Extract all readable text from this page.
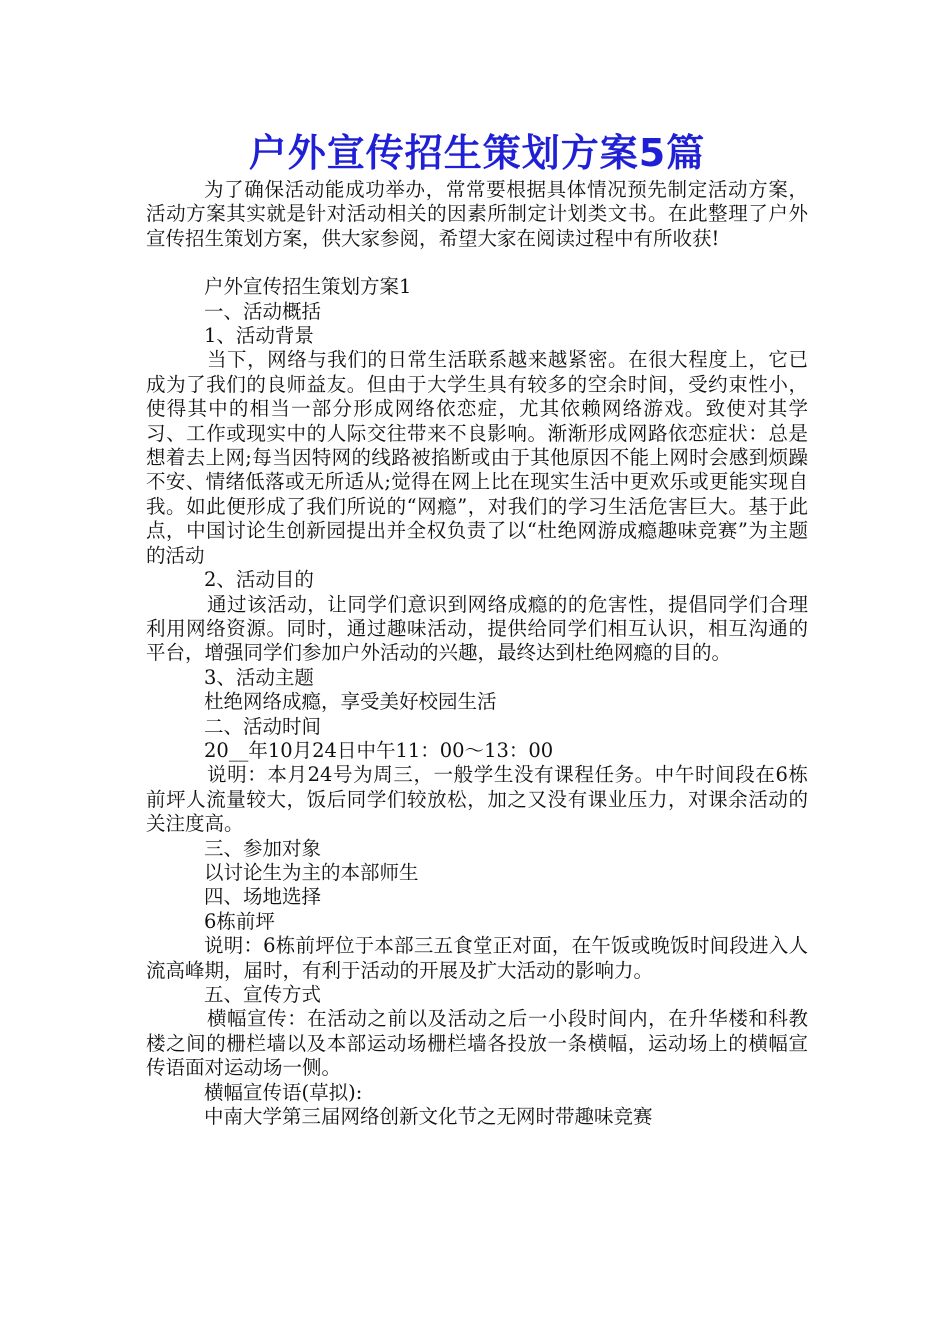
户外宣传招生策划方案5篇

为了确保活动能成功举办，常常要根据具体情况预先制定活动方案，活动方案其实就是针对活动相关的因素所制定计划类文书。在此整理了户外宣传招生策划方案，供大家参阅，希望大家在阅读过程中有所收获!

户外宣传招生策划方案1

一、活动概括

1、活动背景

当下，网络与我们的日常生活联系越来越紧密。在很大程度上，它已成为了我们的良师益友。但由于大学生具有较多的空余时间，受约束性小，使得其中的相当一部分形成网络依恋症，尤其依赖网络游戏。致使对其学习、工作或现实中的人际交往带来不良影响。渐渐形成网路依恋症状：总是想着去上网;每当因特网的线路被掐断或由于其他原因不能上网时会感到烦躁不安、情绪低落或无所适从;觉得在网上比在现实生活中更欢乐或更能实现自我。如此便形成了我们所说的“网瘾”，对我们的学习生活危害巨大。基于此点，中国讨论生创新园提出并全权负责了以“杜绝网游成瘾趣味竞赛”为主题的活动

2、活动目的

通过该活动，让同学们意识到网络成瘾的的危害性，提倡同学们合理利用网络资源。同时，通过趣味活动，提供给同学们相互认识，相互沟通的平台，增强同学们参加户外活动的兴趣，最终达到杜绝网瘾的目的。

3、活动主题

杜绝网络成瘾，享受美好校园生活

二、活动时间

20__年10月24日中午11：00～13：00

说明：本月24号为周三，一般学生没有课程任务。中午时间段在6栋前坪人流量较大，饭后同学们较放松，加之又没有课业压力，对课余活动的关注度高。

三、参加对象

以讨论生为主的本部师生

四、场地选择

6栋前坪

说明：6栋前坪位于本部三五食堂正对面，在午饭或晚饭时间段进入人流高峰期，届时，有利于活动的开展及扩大活动的影响力。

五、宣传方式

横幅宣传：在活动之前以及活动之后一小段时间内，在升华楼和科教楼之间的栅栏墙以及本部运动场栅栏墙各投放一条横幅，运动场上的横幅宣传语面对运动场一侧。

横幅宣传语(草拟):

中南大学第三届网络创新文化节之无网时带趣味竞赛
